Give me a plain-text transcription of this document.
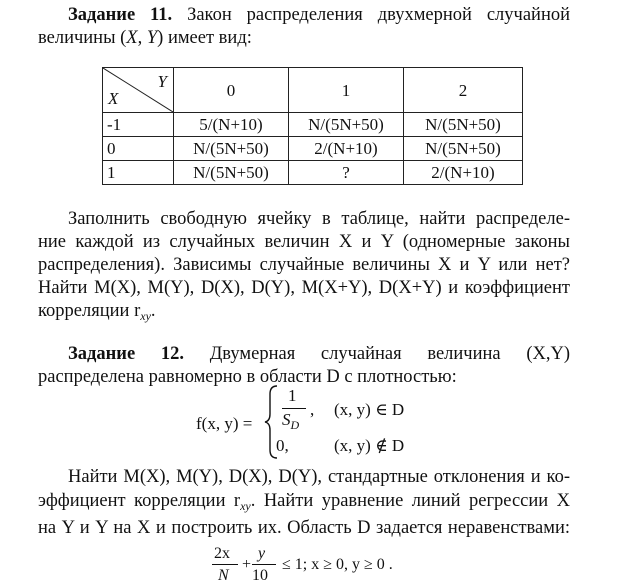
Задание 11. Закон распределения двухмерной случайной
величины (X, Y) имеет вид:
Y
X	0	1	2
-1	5/(N+10)	N/(5N+50)	N/(5N+50)
0	N/(5N+50)	2/(N+10)	N/(5N+50)
1	N/(5N+50)	?	2/(N+10)
Заполнить свободную ячейку в таблице, найти распределе-
ние каждой из случайных величин X и Y (одномерные законы
распределения). Зависимы случайные величины X и Y или нет?
Найти M(X), M(Y), D(X), D(Y), M(X+Y), D(X+Y) и коэффициент
корреляции $r_{xy}$.
Задание 12. Двумерная случайная величина (X,Y)
распределена равномерно в области D с плотностью:
f(x, y) =
1
$S_D$
, (x, y) ∈ D
0,	(x, y) ∉ D
Найти M(X), M(Y), D(X), D(Y), стандартные отклонения и ко-
эффициент корреляции $r_{xy}$. Найти уравнение линий регрессии X
на Y и Y на X и построить их. Область D задается неравенствами:
2x
N
+
y
10
≤ 1; x ≥ 0, y ≥ 0 .
